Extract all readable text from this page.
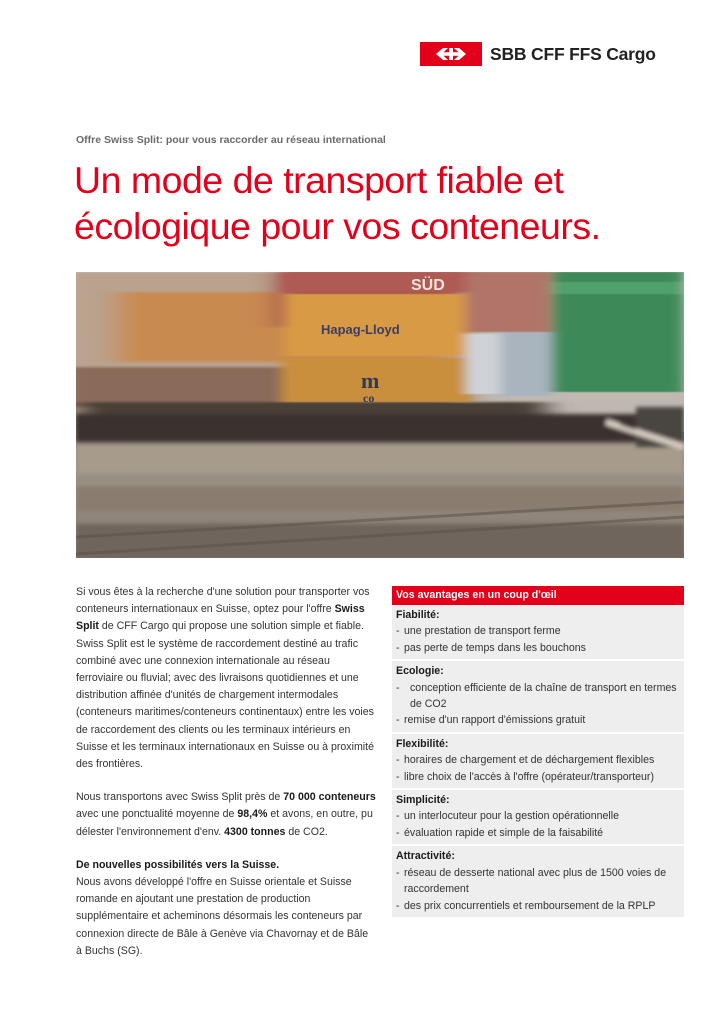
SBB CFF FFS Cargo
Offre Swiss Split: pour vous raccorder au réseau international
Un mode de transport fiable et
écologique pour vos conteneurs.
SÜD
Hapag-Lloyd
m
co

Si vous êtes à la recherche d'une solution pour transporter vos conteneurs internationaux en Suisse, optez pour l'offre Swiss Split de CFF Cargo qui propose une solution simple et fiable. Swiss Split est le système de raccordement destiné au trafic combiné avec une connexion internationale au réseau ferroviaire ou fluvial; avec des livraisons quotidiennes et une distribution affinée d'unités de chargement intermodales (conteneurs maritimes/conteneurs continentaux) entre les voies de raccordement des clients ou les terminaux intérieurs en Suisse et les terminaux internationaux en Suisse ou à proximité des frontières.

Nous transportons avec Swiss Split près de 70 000 conteneurs avec une ponctualité moyenne de 98,4% et avons, en outre, pu délester l'environnement d'env. 4300 tonnes de CO2.

De nouvelles possibilités vers la Suisse.
Nous avons développé l'offre en Suisse orientale et Suisse romande en ajoutant une prestation de production supplémentaire et acheminons désormais les conteneurs par connexion directe de Bâle à Genève via Chavornay et de Bâle à Buchs (SG).

Vos avantages en un coup d'œil
Fiabilité:
- une prestation de transport ferme
- pas perte de temps dans les bouchons
Ecologie:
- conception efficiente de la chaîne de transport en termes de CO2
- remise d'un rapport d'émissions gratuit
Flexibilité:
- horaires de chargement et de déchargement flexibles
- libre choix de l'accès à l'offre (opérateur/transporteur)
Simplicité:
- un interlocuteur pour la gestion opérationnelle
- évaluation rapide et simple de la faisabilité
Attractivité:
- réseau de desserte national avec plus de 1500 voies de raccordement
- des prix concurrentiels et remboursement de la RPLP
